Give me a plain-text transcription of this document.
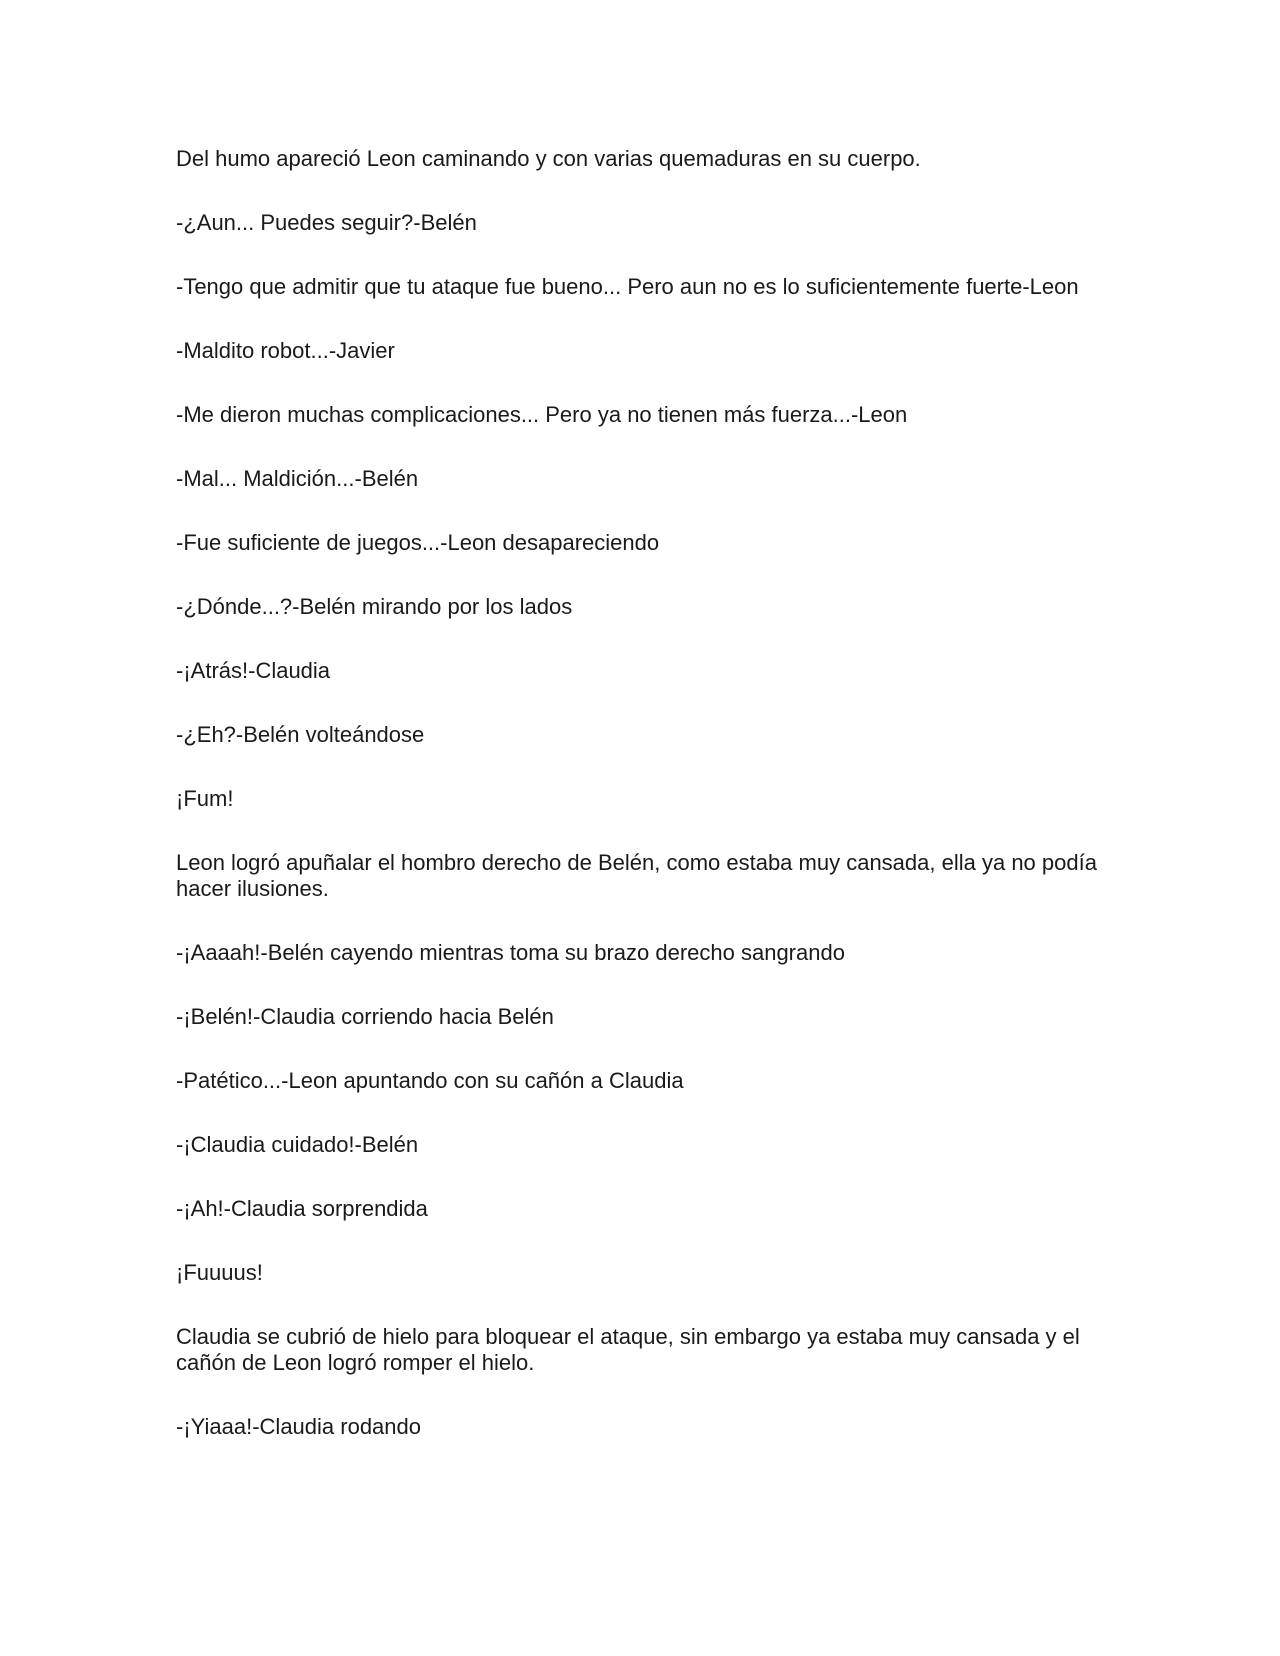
Del humo apareció Leon caminando y con varias quemaduras en su cuerpo.

-¿Aun... Puedes seguir?-Belén

-Tengo que admitir que tu ataque fue bueno... Pero aun no es lo suficientemente fuerte-Leon

-Maldito robot...-Javier

-Me dieron muchas complicaciones... Pero ya no tienen más fuerza...-Leon

-Mal... Maldición...-Belén

-Fue suficiente de juegos...-Leon desapareciendo

-¿Dónde...?-Belén mirando por los lados

-¡Atrás!-Claudia

-¿Eh?-Belén volteándose

¡Fum!

Leon logró apuñalar el hombro derecho de Belén, como estaba muy cansada, ella ya no podía hacer ilusiones.

-¡Aaaah!-Belén cayendo mientras toma su brazo derecho sangrando

-¡Belén!-Claudia corriendo hacia Belén

-Patético...-Leon apuntando con su cañón a Claudia

-¡Claudia cuidado!-Belén

-¡Ah!-Claudia sorprendida

¡Fuuuus!

Claudia se cubrió de hielo para bloquear el ataque, sin embargo ya estaba muy cansada y el cañón de Leon logró romper el hielo.

-¡Yiaaa!-Claudia rodando
